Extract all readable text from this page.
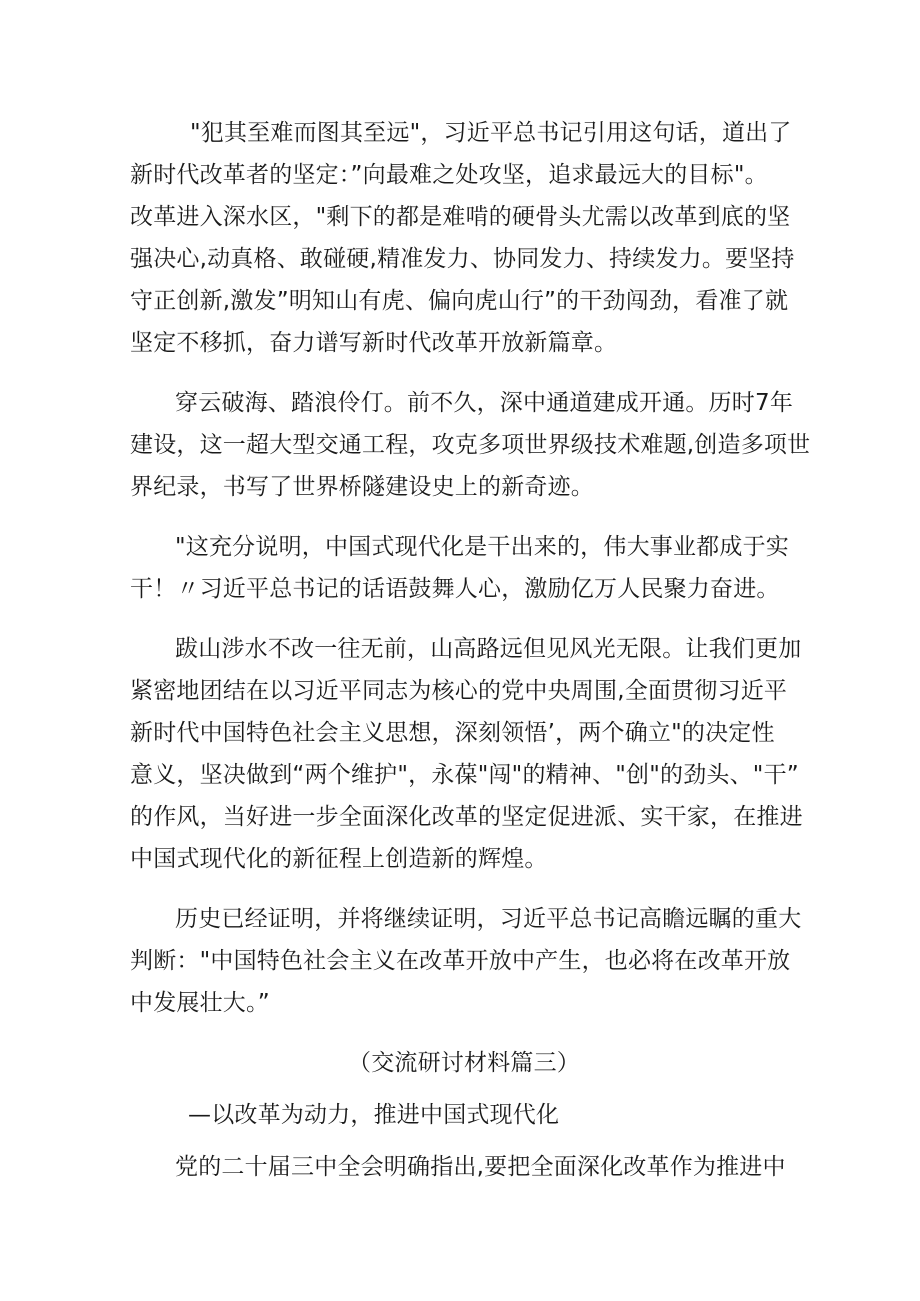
"犯其至难而图其至远"，习近平总书记引用这句话，道出了
新时代改革者的坚定：”向最难之处攻坚，追求最远大的目标"。
改革进入深水区，"剩下的都是难啃的硬骨头尤需以改革到底的坚
强决心,动真格、敢碰硬,精准发力、协同发力、持续发力。要坚持
守正创新,激发”明知山有虎、偏向虎山行”的干劲闯劲，看准了就
坚定不移抓，奋力谱写新时代改革开放新篇章。
穿云破海、踏浪伶仃。前不久，深中通道建成开通。历时7年
建设，这一超大型交通工程，攻克多项世界级技术难题,创造多项世
界纪录，书写了世界桥隧建设史上的新奇迹。
"这充分说明，中国式现代化是干出来的，伟大事业都成于实
干！〃习近平总书记的话语鼓舞人心，激励亿万人民聚力奋进。
跋山涉水不改一往无前，山高路远但见风光无限。让我们更加
紧密地团结在以习近平同志为核心的党中央周围,全面贯彻习近平
新时代中国特色社会主义思想，深刻领悟’，两个确立"的决定性
意义，坚决做到“两个维护"，永葆"闯"的精神、"创"的劲头、"干”
的作风，当好进一步全面深化改革的坚定促进派、实干家，在推进
中国式现代化的新征程上创造新的辉煌。
历史已经证明，并将继续证明，习近平总书记高瞻远瞩的重大
判断："中国特色社会主义在改革开放中产生，也必将在改革开放
中发展壮大。”
（交流研讨材料篇三）
—以改革为动力，推进中国式现代化
党的二十届三中全会明确指出,要把全面深化改革作为推进中
